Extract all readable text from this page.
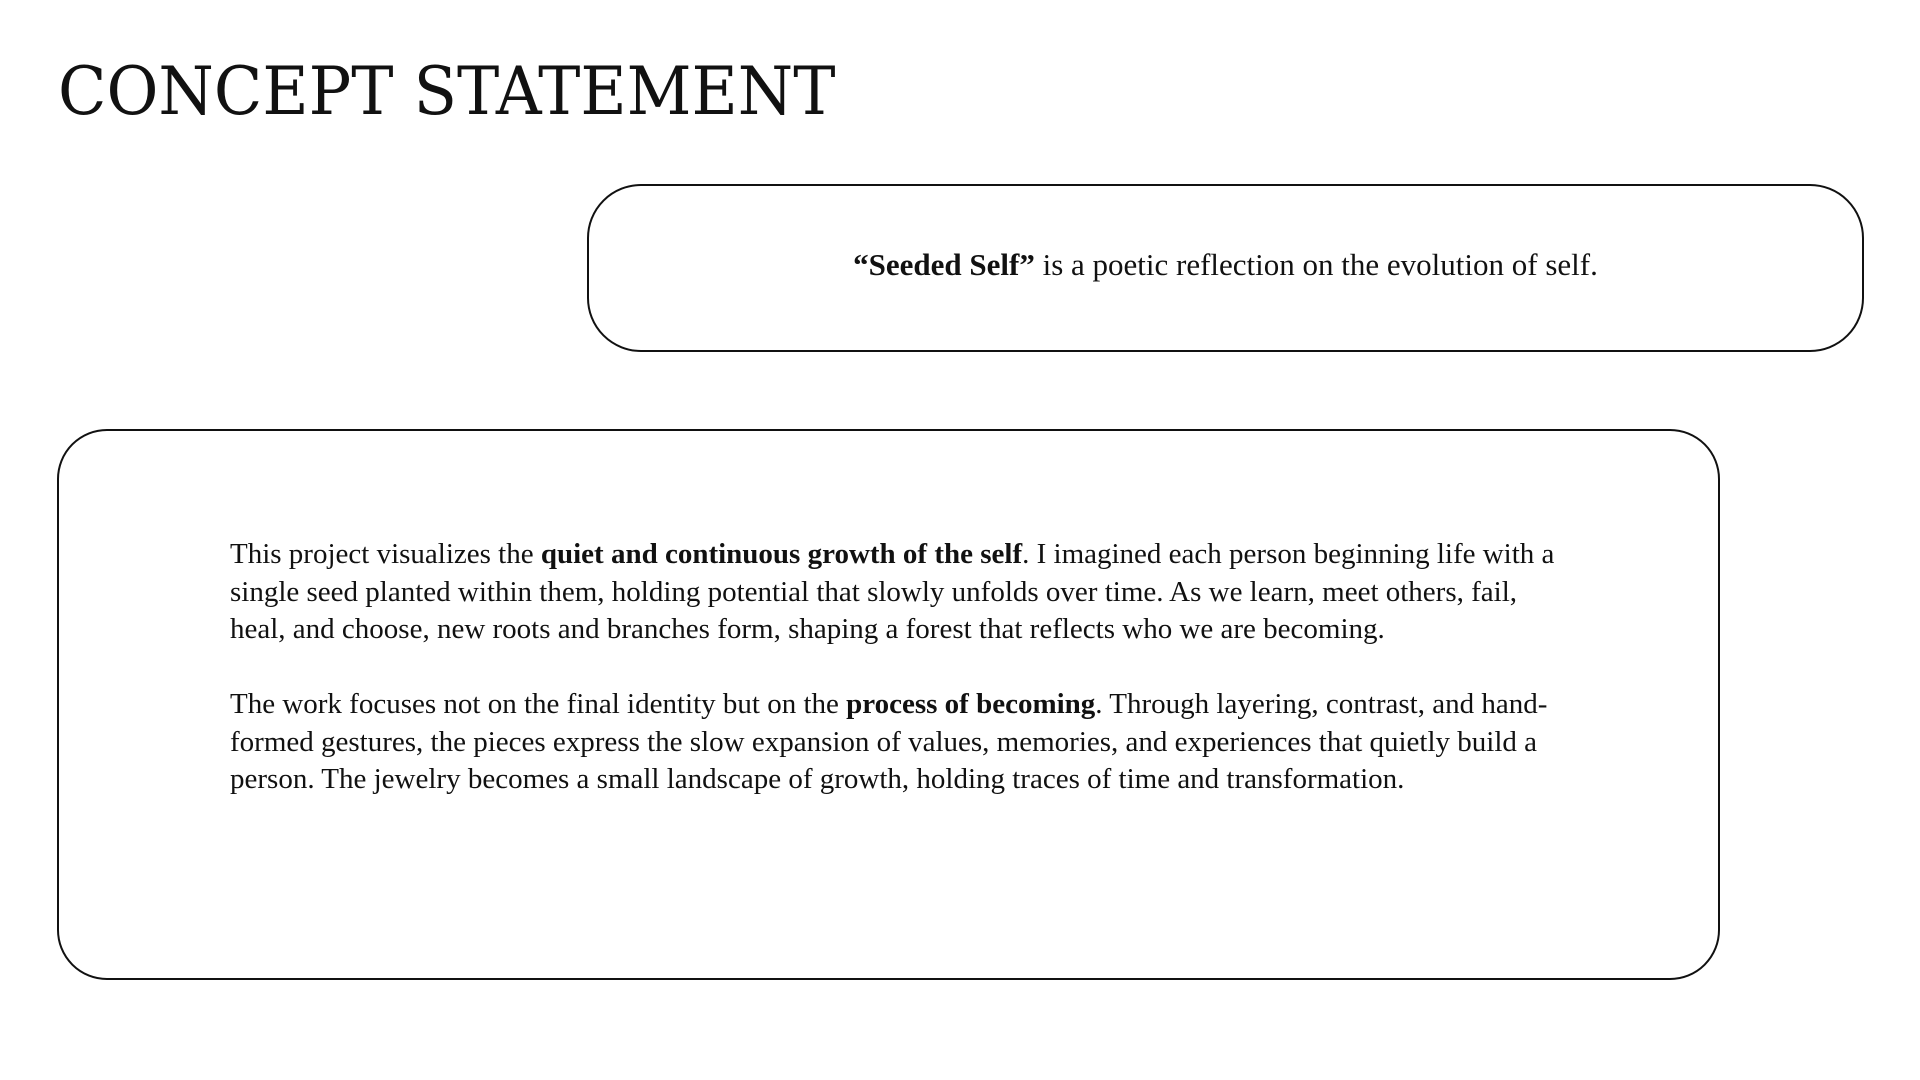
CONCEPT STATEMENT
“Seeded Self” is a poetic reflection on the evolution of self.

This project visualizes the quiet and continuous growth of the self. I imagined each person beginning life with a single seed planted within them, holding potential that slowly unfolds over time. As we learn, meet others, fail, heal, and choose, new roots and branches form, shaping a forest that reflects who we are becoming.

The work focuses not on the final identity but on the process of becoming. Through layering, contrast, and hand-formed gestures, the pieces express the slow expansion of values, memories, and experiences that quietly build a person. The jewelry becomes a small landscape of growth, holding traces of time and transformation.
